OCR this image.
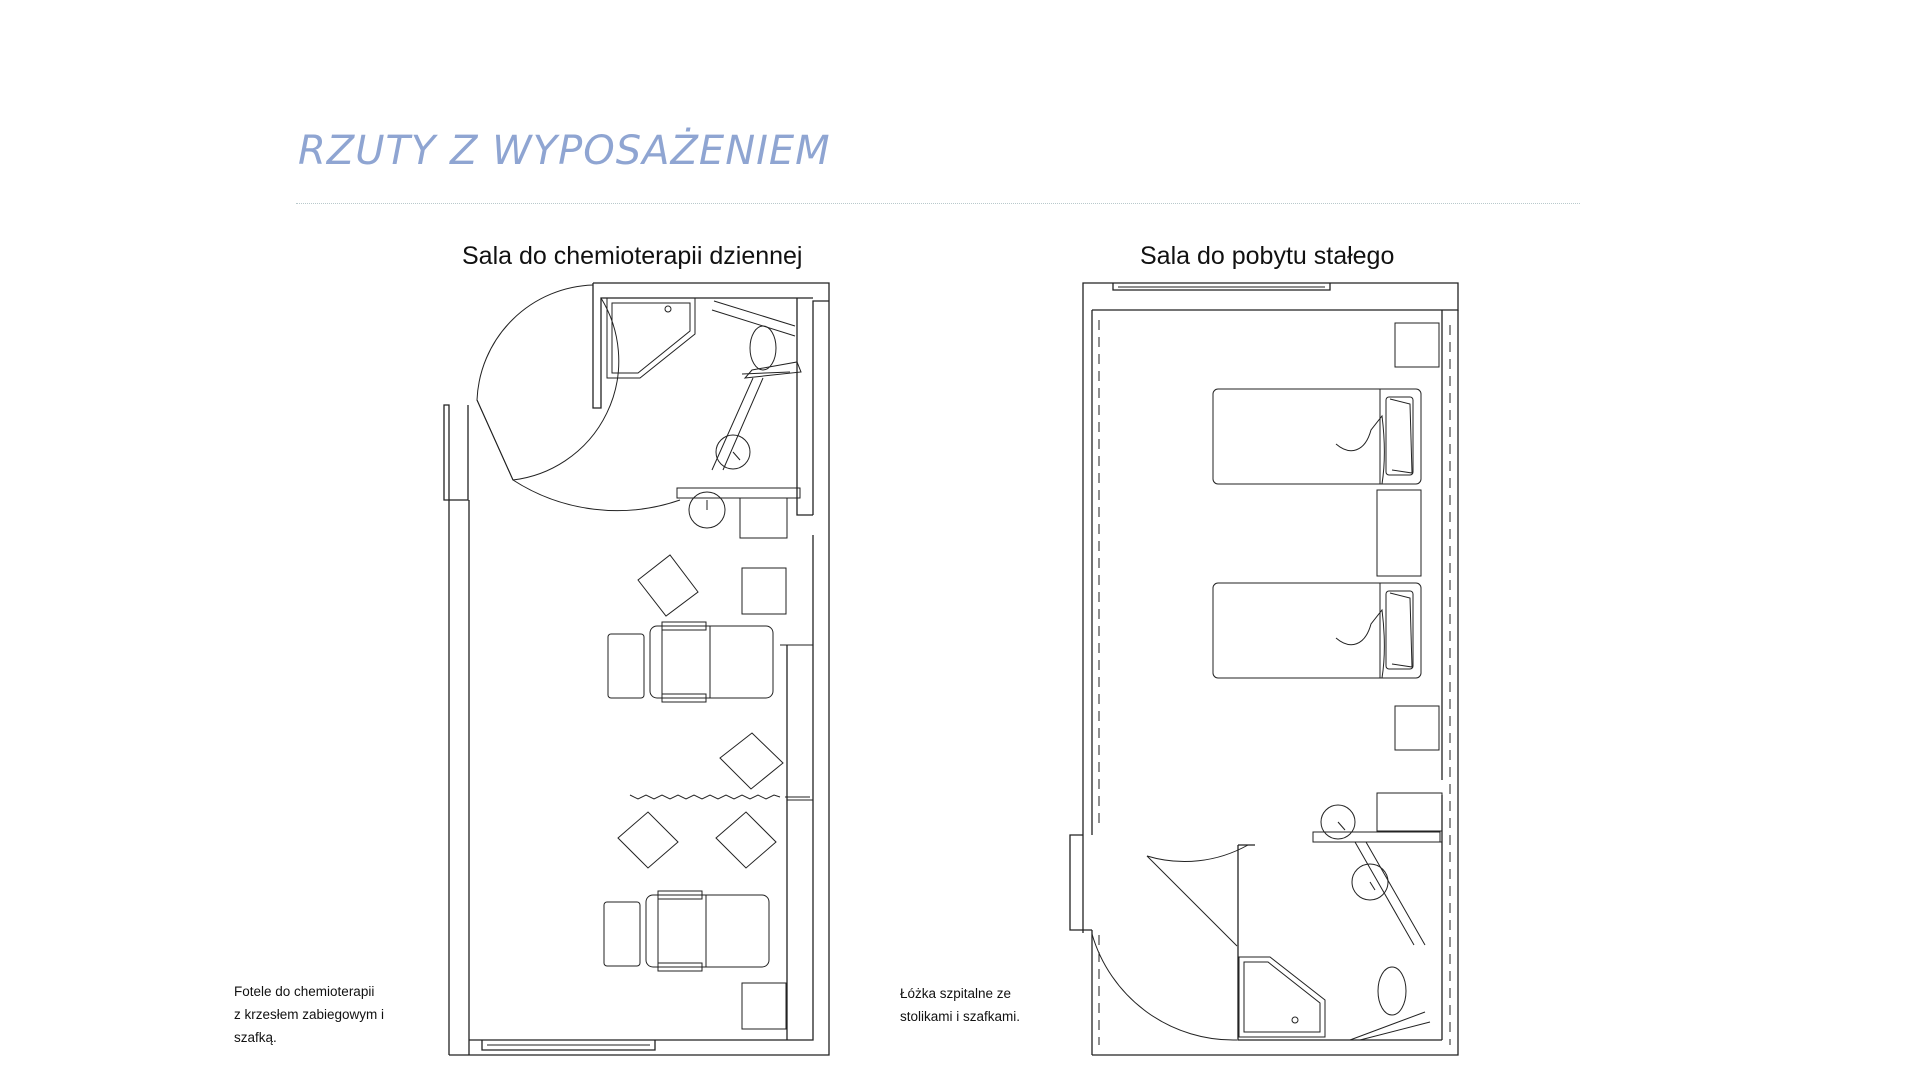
RZUTY Z WYPOSAŻENIEM
Sala do chemioterapii dziennej	Sala do pobytu stałego
Fotele do chemioterapii
z krzesłem zabiegowym i
szafką.
Łóżka szpitalne ze
stolikami i szafkami.
